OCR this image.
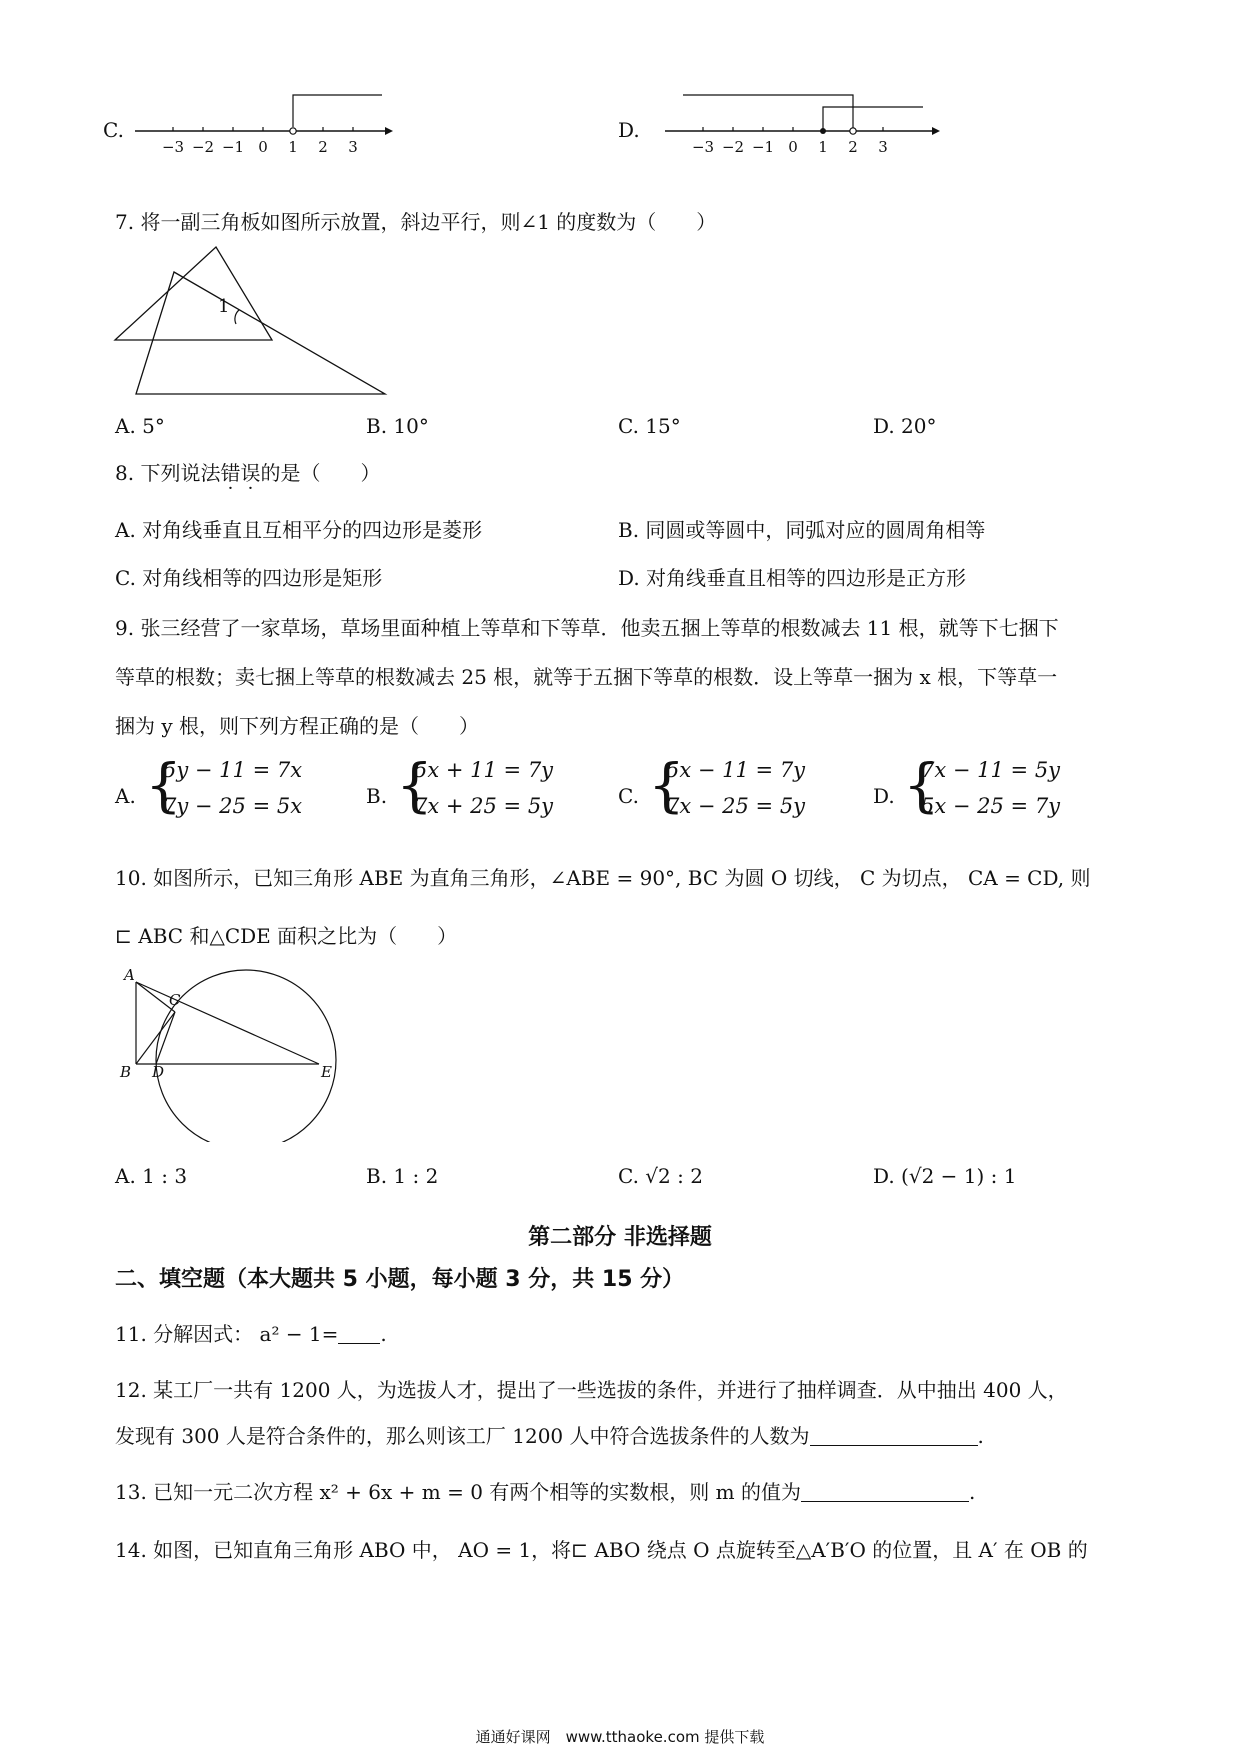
C.
−3 −2 −1 0 1 2 3
D.
−3 −2 −1 0 1 2 3
7. 将一副三角板如图所示放置，斜边平行，则∠1 的度数为（　　）
1
A. 5°	B. 10°	C. 15°	D. 20°
8. 下列说法错误的是（　　）
A. 对角线垂直且互相平分的四边形是菱形	B. 同圆或等圆中，同弧对应的圆周角相等
C. 对角线相等的四边形是矩形	D. 对角线垂直且相等的四边形是正方形
9. 张三经营了一家草场，草场里面种植上等草和下等草．他卖五捆上等草的根数减去 11 根，就等下七捆下
等草的根数；卖七捆上等草的根数减去 25 根，就等于五捆下等草的根数．设上等草一捆为 x 根，下等草一
捆为 y 根，则下列方程正确的是（　　）
A. {
5y − 11 = 7x
7y − 25 = 5x	B. {
5x + 11 = 7y
7x + 25 = 5y	C. {
5x − 11 = 7y
7x − 25 = 5y	D. {
7x − 11 = 5y
5x − 25 = 7y
10. 如图所示，已知三角形 ABE 为直角三角形，∠ABE = 90°, BC 为圆 O 切线， C 为切点， CA = CD, 则
⊏ ABC 和△CDE 面积之比为（　　）
A
B
C
D	E
A. 1 : 3	B. 1 : 2	C. √2 : 2	D. (√2 − 1) : 1
第二部分 非选择题
二、填空题（本大题共 5 小题，每小题 3 分，共 15 分）
11. 分解因式： a² − 1= .
12. 某工厂一共有 1200 人，为选拔人才，提出了一些选拔的条件，并进行了抽样调查．从中抽出 400 人，
发现有 300 人是符合条件的，那么则该工厂 1200 人中符合选拔条件的人数为	.
13. 已知一元二次方程 x² + 6x + m = 0 有两个相等的实数根，则 m 的值为	.
14. 如图，已知直角三角形 ABO 中， AO = 1，将⊏ ABO 绕点 O 点旋转至△A′B′O 的位置，且 A′ 在 OB 的
通通好课网　www.tthaoke.com 提供下载
